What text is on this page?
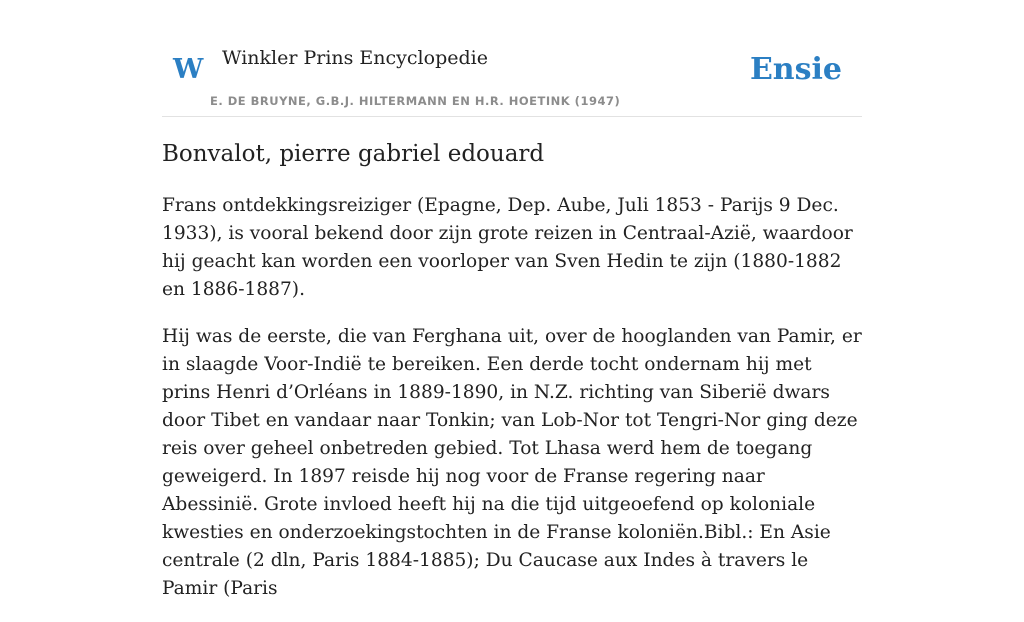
W Winkler Prins Encyclopedie
E. DE BRUYNE, G.B.J. HILTERMANN EN H.R. HOETINK (1947)
Ensie
Bonvalot, pierre gabriel edouard

Frans ontdekkingsreiziger (Epagne, Dep. Aube, Juli 1853 - Parijs 9 Dec. 1933), is vooral bekend door zijn grote reizen in Centraal-Azië, waardoor hij geacht kan worden een voorloper van Sven Hedin te zijn (1880-1882 en 1886-1887).

Hij was de eerste, die van Ferghana uit, over de hooglanden van Pamir, er in slaagde Voor-Indië te bereiken. Een derde tocht ondernam hij met prins Henri d’Orléans in 1889-1890, in N.Z. richting van Siberië dwars door Tibet en vandaar naar Tonkin; van Lob-Nor tot Tengri-Nor ging deze reis over geheel onbetreden gebied. Tot Lhasa werd hem de toegang geweigerd. In 1897 reisde hij nog voor de Franse regering naar Abessinië. Grote invloed heeft hij na die tijd uitgeoefend op koloniale kwesties en onderzoekingstochten in de Franse koloniën.Bibl.: En Asie centrale (2 dln, Paris 1884-1885); Du Caucase aux Indes à travers le Pamir (Paris
